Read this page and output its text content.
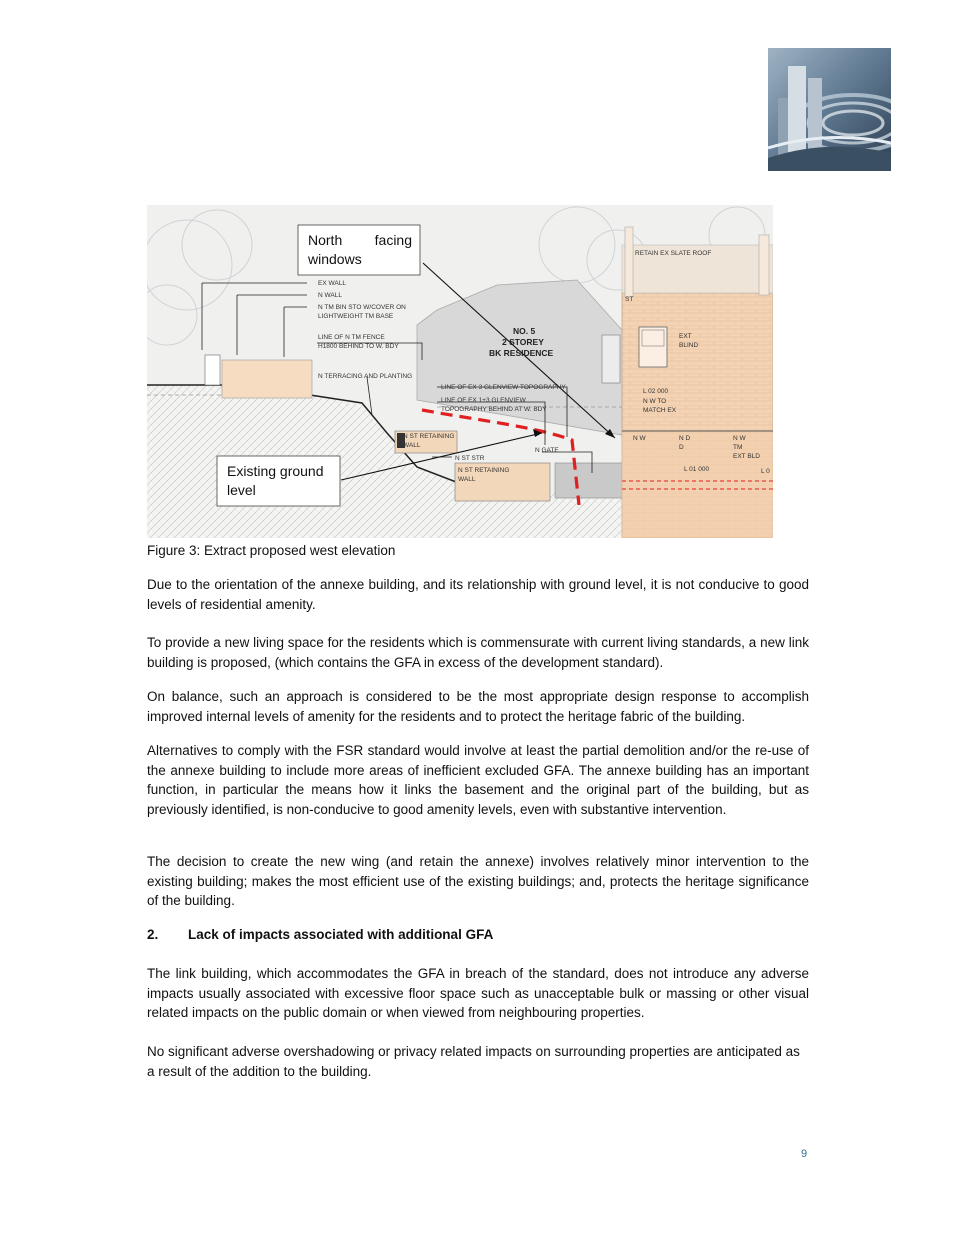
North facing
windows
Existing ground
level
EX WALL
N WALL
N TM BIN STO W/COVER ON
LIGHTWEIGHT TM BASE
LINE OF N TM FENCE
H1800 BEHIND TO W. BDY
N TERRACING AND PLANTING
LINE OF EX 3 GLENVIEW TOPOGRAPHY
LINE OF EX 1+3 GLENVIEW
TOPOGRAPHY BEHIND AT W. BDY
N ST RETAINING
WALL
N ST STR
N ST RETAINING
WALL
N GATE
RETAIN EX SLATE ROOF
ST
EXT
BLIND
L 02 000
N W TO
MATCH EX
N W	N D
D
N W
TM
EXT BLD
L 01 000	L 0
NO. 5
2 STOREY
BK RESIDENCE
Figure 3: Extract proposed west elevation

Due to the orientation of the annexe building, and its relationship with ground level, it is not conducive to good levels of residential amenity.

To provide a new living space for the residents which is commensurate with current living standards, a new link building is proposed, (which contains the GFA in excess of the development standard).

On balance, such an approach is considered to be the most appropriate design response to accomplish improved internal levels of amenity for the residents and to protect the heritage fabric of the building.

Alternatives to comply with the FSR standard would involve at least the partial demolition and/or the re-use of the annexe building to include more areas of inefficient excluded GFA. The annexe building has an important function, in particular the means how it links the basement and the original part of the building, but as previously identified, is non-conducive to good amenity levels, even with substantive intervention.

The decision to create the new wing (and retain the annexe) involves relatively minor intervention to the existing building; makes the most efficient use of the existing buildings; and, protects the heritage significance of the building.

2. Lack of impacts associated with additional GFA

The link building, which accommodates the GFA in breach of the standard, does not introduce any adverse impacts usually associated with excessive floor space such as unacceptable bulk or massing or other visual related impacts on the public domain or when viewed from neighbouring properties.

No significant adverse overshadowing or privacy related impacts on surrounding properties are anticipated as a result of the addition to the building.

9
